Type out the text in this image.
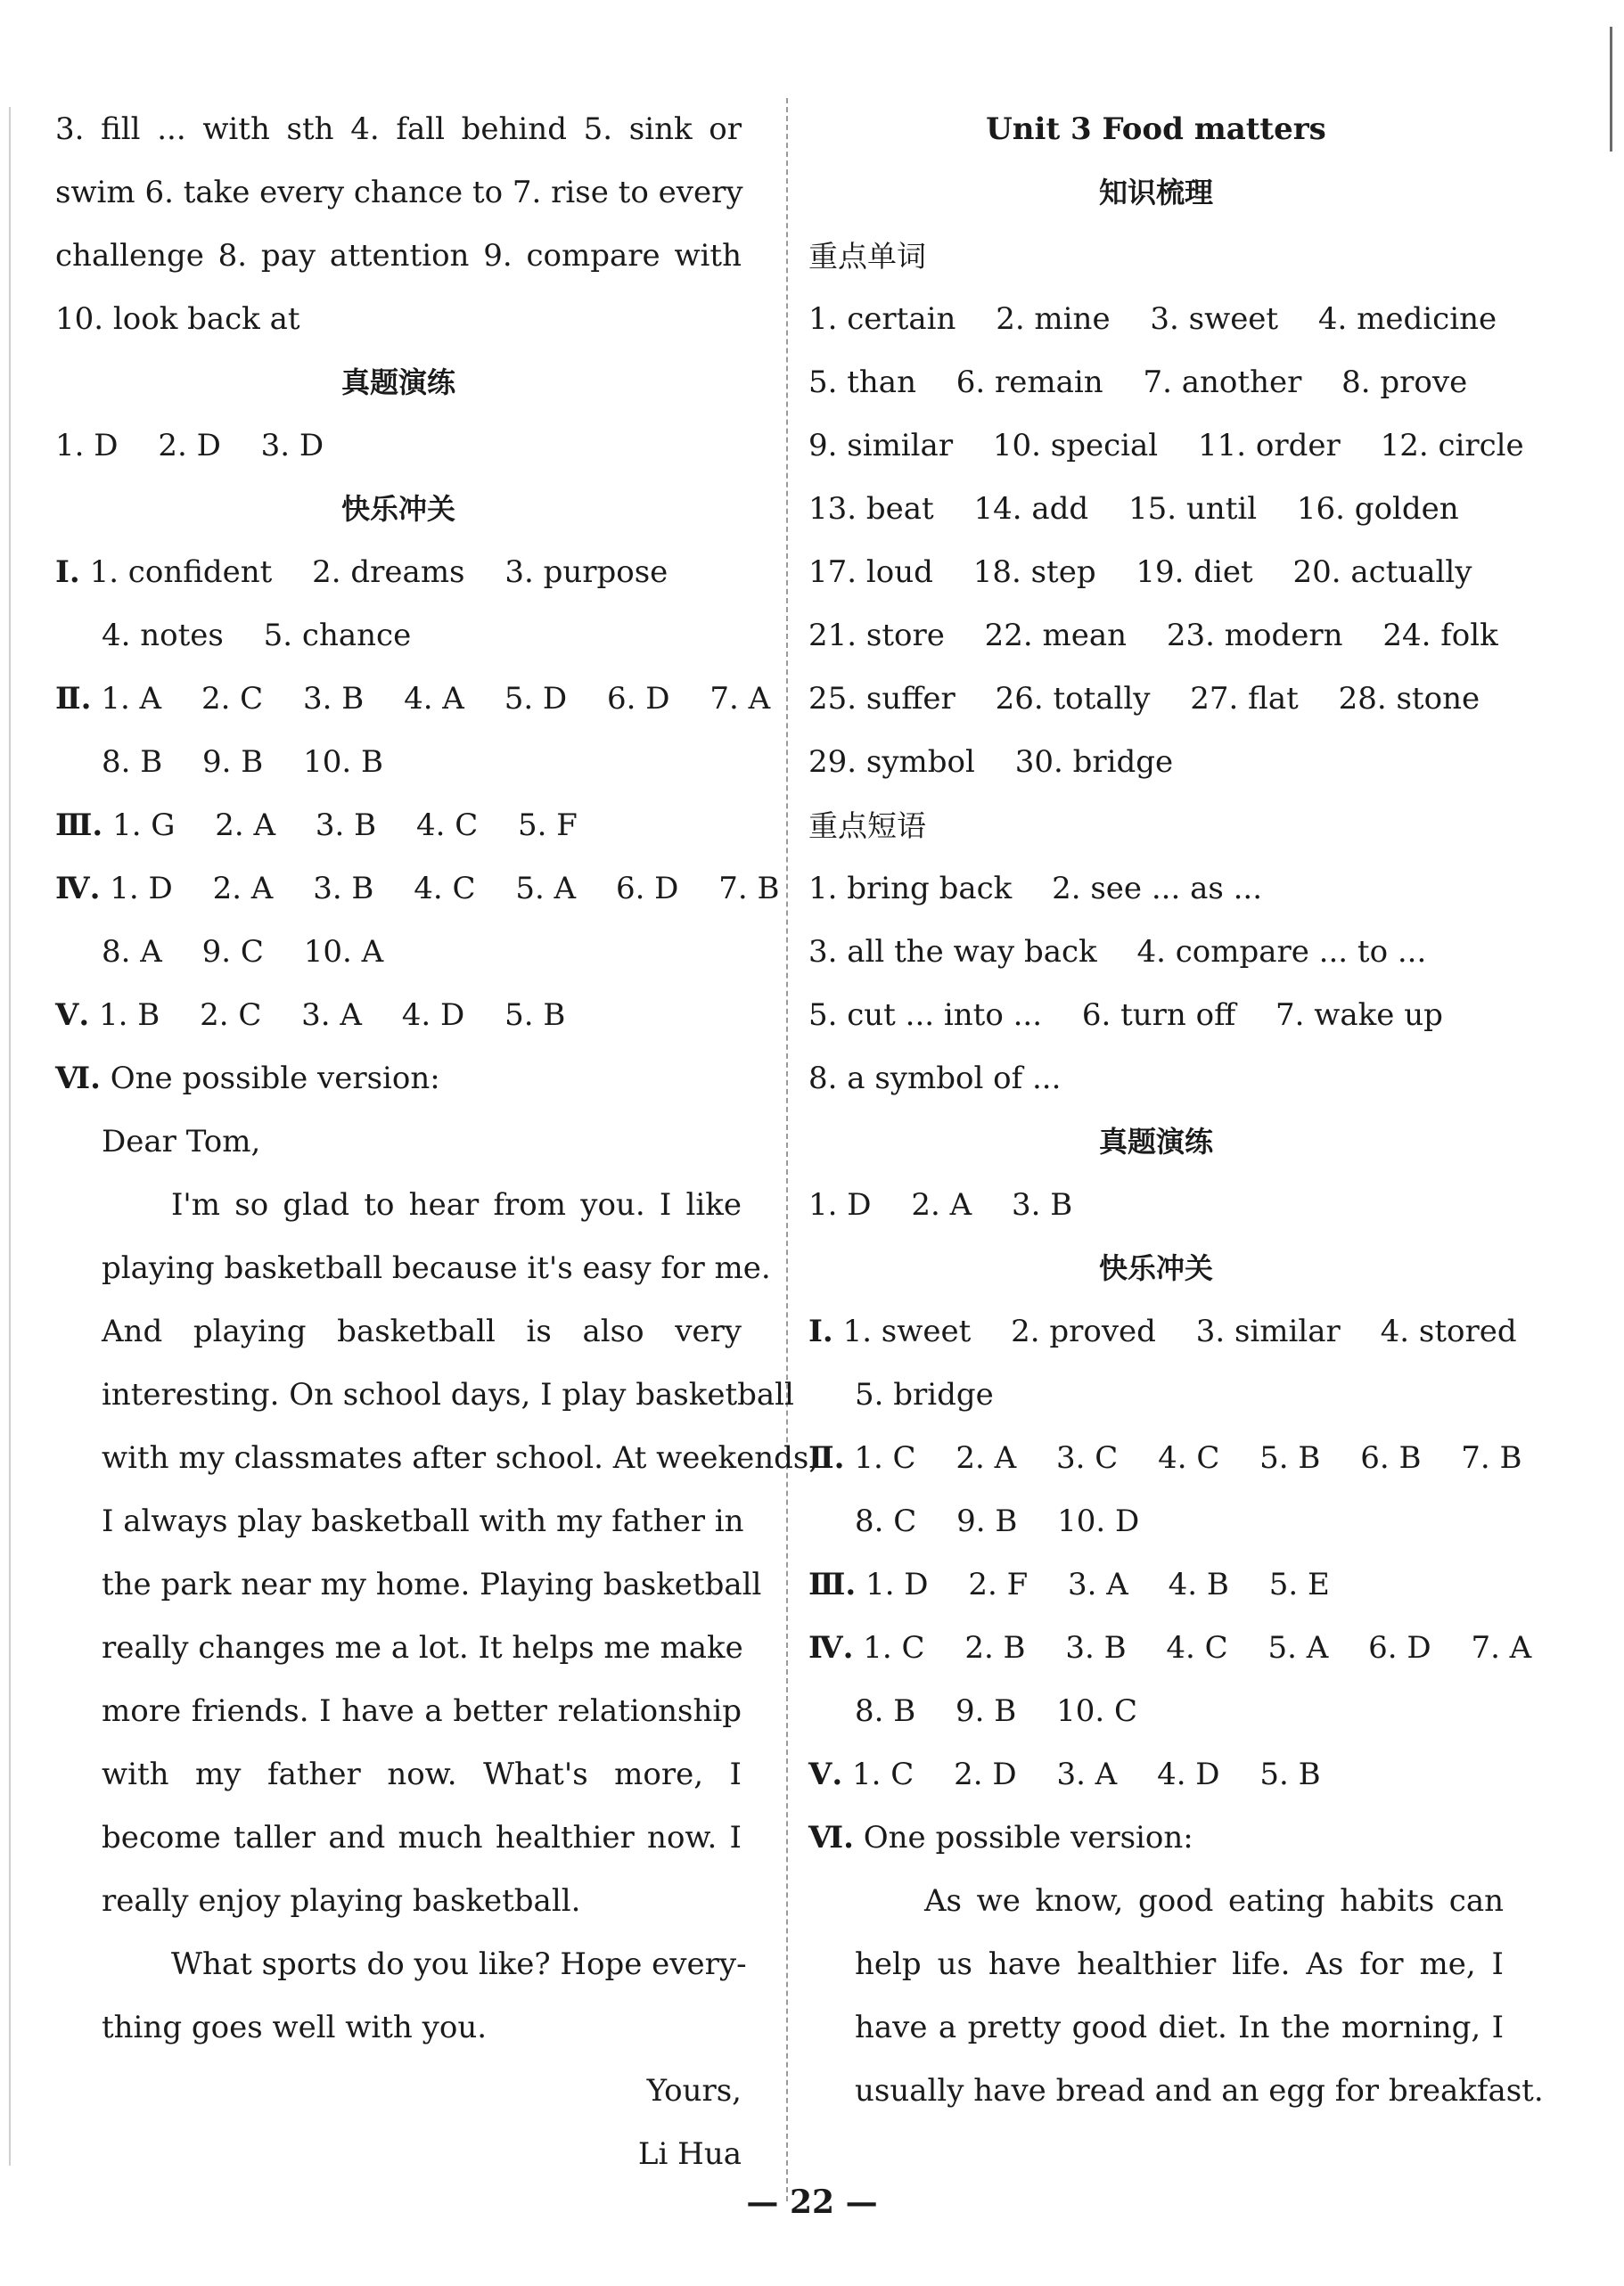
3. fill ... with sth 4. fall behind 5. sink or
swim 6. take every chance to 7. rise to every
challenge 8. pay attention 9. compare with
10. look back at
真题演练
1. D 2. D 3. D
快乐冲关
Ⅰ. 1. confident 2. dreams 3. purpose
4. notes 5. chance
Ⅱ. 1. A 2. C 3. B 4. A 5. D 6. D 7. A
8. B 9. B 10. B
Ⅲ. 1. G 2. A 3. B 4. C 5. F
Ⅳ. 1. D 2. A 3. B 4. C 5. A 6. D 7. B
8. A 9. C 10. A
Ⅴ. 1. B 2. C 3. A 4. D 5. B
Ⅵ. One possible version:
Dear Tom,
I'm so glad to hear from you. I like
playing basketball because it's easy for me.
And playing basketball is also very
interesting. On school days, I play basketball
with my classmates after school. At weekends,
I always play basketball with my father in
the park near my home. Playing basketball
really changes me a lot. It helps me make
more friends. I have a better relationship
with my father now. What's more, I
become taller and much healthier now. I
really enjoy playing basketball.
What sports do you like? Hope every-
thing goes well with you.
Yours,
Li Hua
Unit 3 Food matters
知识梳理
重点单词
1. certain 2. mine 3. sweet 4. medicine
5. than 6. remain 7. another 8. prove
9. similar 10. special 11. order 12. circle
13. beat 14. add 15. until 16. golden
17. loud 18. step 19. diet 20. actually
21. store 22. mean 23. modern 24. folk
25. suffer 26. totally 27. flat 28. stone
29. symbol 30. bridge
重点短语
1. bring back 2. see ... as ...
3. all the way back 4. compare ... to ...
5. cut ... into ... 6. turn off 7. wake up
8. a symbol of ...
真题演练
1. D 2. A 3. B
快乐冲关
Ⅰ. 1. sweet 2. proved 3. similar 4. stored
5. bridge
Ⅱ. 1. C 2. A 3. C 4. C 5. B 6. B 7. B
8. C 9. B 10. D
Ⅲ. 1. D 2. F 3. A 4. B 5. E
Ⅳ. 1. C 2. B 3. B 4. C 5. A 6. D 7. A
8. B 9. B 10. C
Ⅴ. 1. C 2. D 3. A 4. D 5. B
Ⅵ. One possible version:
As we know, good eating habits can
help us have healthier life. As for me, I
have a pretty good diet. In the morning, I
usually have bread and an egg for breakfast.
— 22 —
